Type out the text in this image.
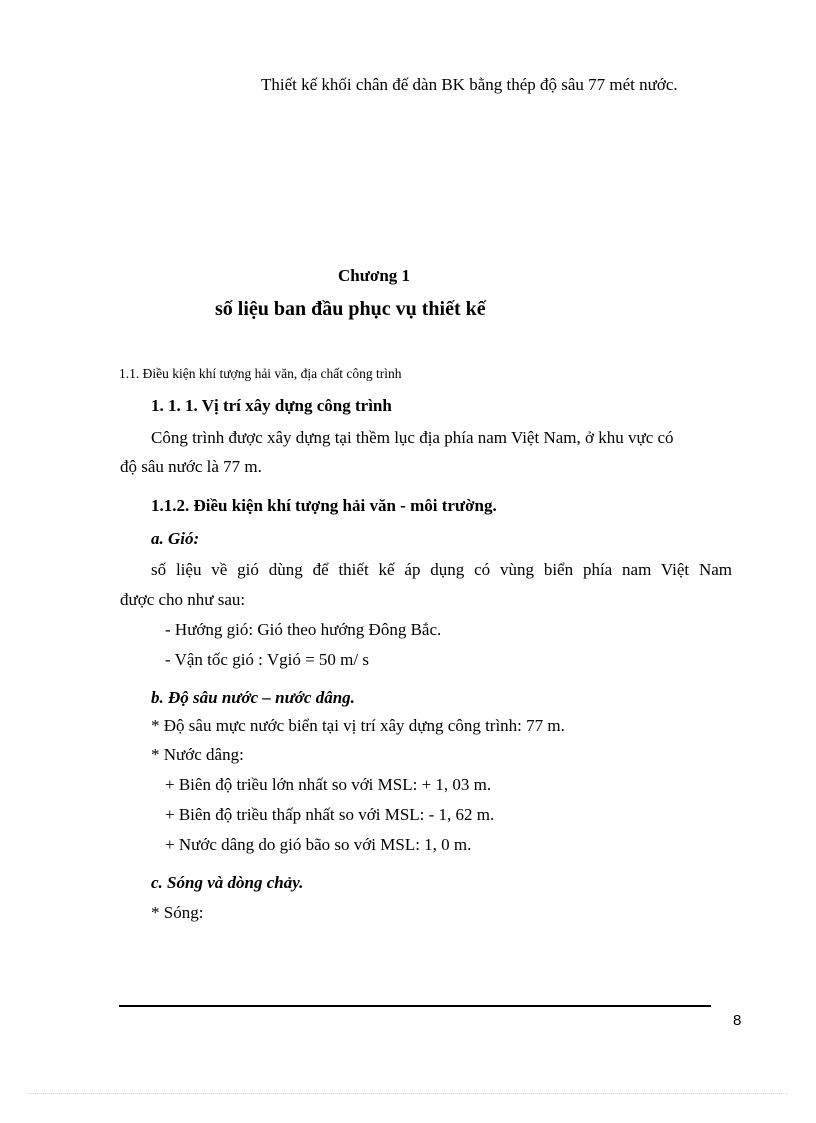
Thiết kế khối chân đế dàn BK bằng thép độ sâu 77 mét nước.
Chương 1
số liệu ban đầu phục vụ thiết kế
1.1. Điều kiện khí tượng hải văn, địa chất công trình
1. 1. 1. Vị trí xây dựng công trình
Công trình được xây dựng tại thềm lục địa phía nam Việt Nam, ở khu vực có
độ sâu nước là 77 m.
1.1.2. Điều kiện khí tượng hải văn - môi trường.
a. Gió:
số liệu về gió dùng để thiết kế áp dụng có vùng biển phía nam Việt Nam
được cho như sau:
- Hướng gió: Gió theo hướng Đông Bắc.
- Vận tốc gió : Vgió = 50 m/ s
b. Độ sâu nước – nước dâng.
* Độ sâu mực nước biển tại vị trí xây dựng công trình: 77 m.
* Nước dâng:
+ Biên độ triều lớn nhất so với MSL: + 1, 03 m.
+ Biên độ triều thấp nhất so với MSL: - 1, 62 m.
+ Nước dâng do gió bão so với MSL: 1, 0 m.
c. Sóng và dòng chảy.
* Sóng:
8
